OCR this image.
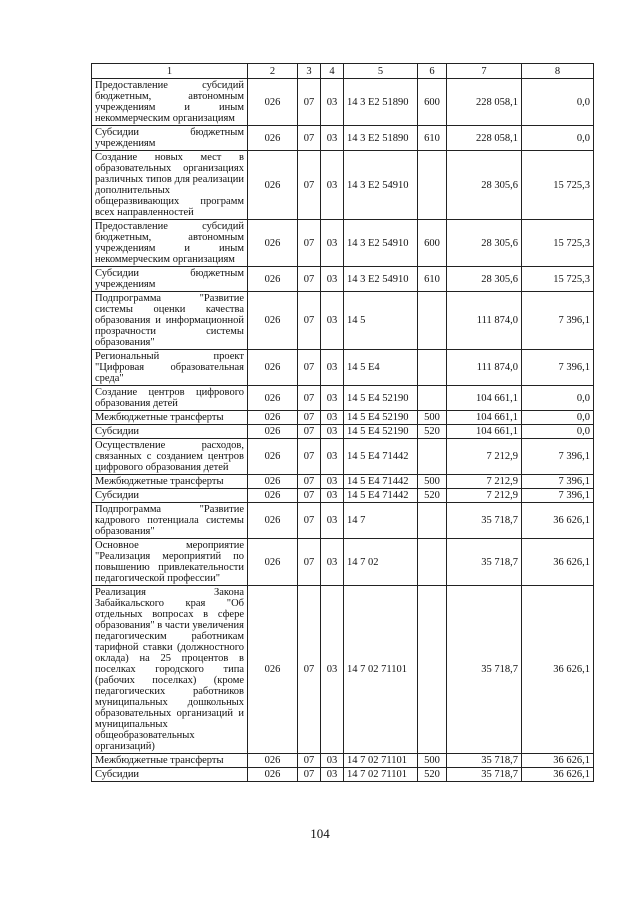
1	2	3	4	5	6	7	8
Предоставление субсидий бюджетным, автономным учреждениям и иным некоммерческим организациям	026	07	03	14 3 E2 51890	600	228 058,1	0,0
Субсидии бюджетным учреждениям	026	07	03	14 3 E2 51890	610	228 058,1	0,0
Создание новых мест в образовательных организациях различных типов для реализации дополнительных общеразвивающих программ всех направленностей	026	07	03	14 3 E2 54910		28 305,6	15 725,3
Предоставление субсидий бюджетным, автономным учреждениям и иным некоммерческим организациям	026	07	03	14 3 E2 54910	600	28 305,6	15 725,3
Субсидии бюджетным учреждениям	026	07	03	14 3 E2 54910	610	28 305,6	15 725,3
Подпрограмма "Развитие системы оценки качества образования и информационной прозрачности системы образования"	026	07	03	14 5		111 874,0	7 396,1
Региональный проект "Цифровая образовательная среда"	026	07	03	14 5 E4		111 874,0	7 396,1
Создание центров цифрового образования детей	026	07	03	14 5 E4 52190		104 661,1	0,0
Межбюджетные трансферты	026	07	03	14 5 E4 52190	500	104 661,1	0,0
Субсидии	026	07	03	14 5 E4 52190	520	104 661,1	0,0
Осуществление расходов, связанных с созданием центров цифрового образования детей	026	07	03	14 5 E4 71442		7 212,9	7 396,1
Межбюджетные трансферты	026	07	03	14 5 E4 71442	500	7 212,9	7 396,1
Субсидии	026	07	03	14 5 E4 71442	520	7 212,9	7 396,1
Подпрограмма "Развитие кадрового потенциала системы образования"	026	07	03	14 7		35 718,7	36 626,1
Основное мероприятие "Реализация мероприятий по повышению привлекательности педагогической профессии"	026	07	03	14 7 02		35 718,7	36 626,1
Реализация Закона Забайкальского края "Об отдельных вопросах в сфере образования" в части увеличения педагогическим работникам тарифной ставки (должностного оклада) на 25 процентов в поселках городского типа (рабочих поселках) (кроме педагогических работников муниципальных дошкольных образовательных организаций и муниципальных общеобразовательных организаций)	026	07	03	14 7 02 71101		35 718,7	36 626,1
Межбюджетные трансферты	026	07	03	14 7 02 71101	500	35 718,7	36 626,1
Субсидии	026	07	03	14 7 02 71101	520	35 718,7	36 626,1
104
